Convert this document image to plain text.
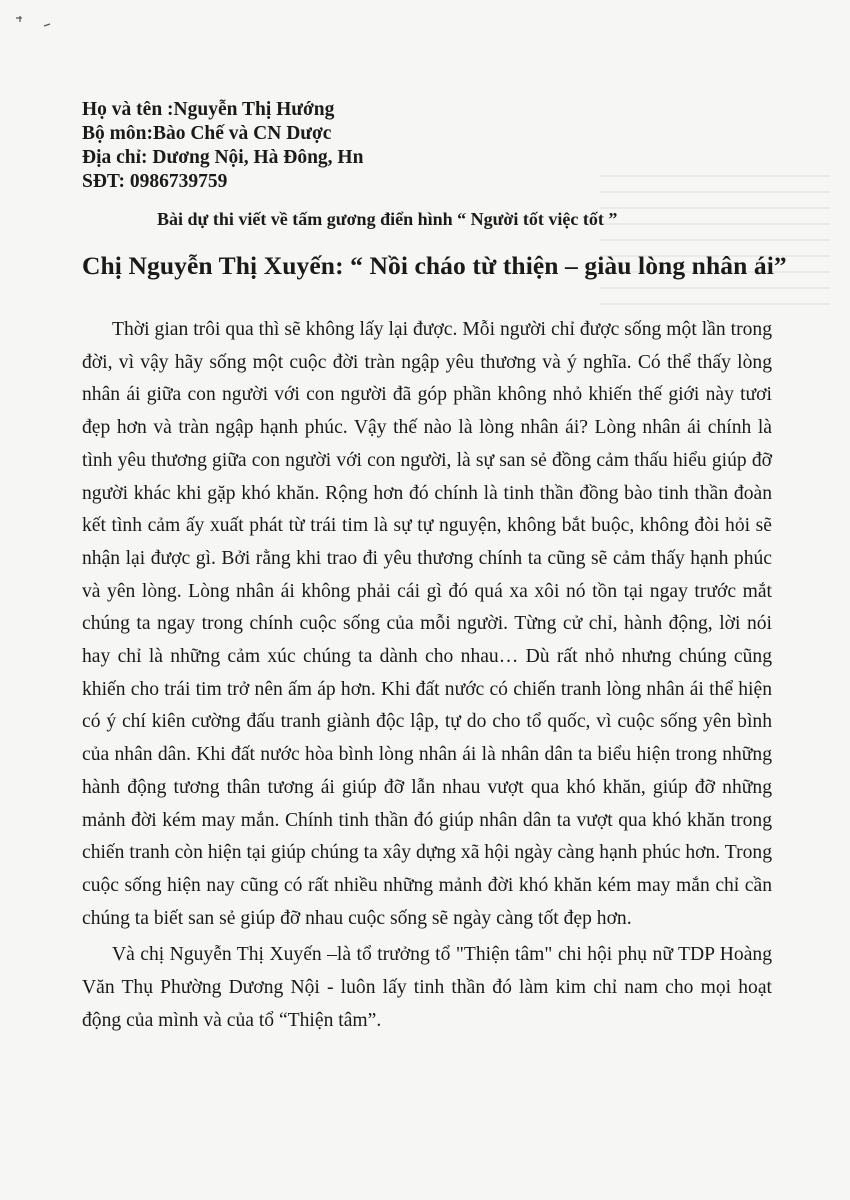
Họ và tên :Nguyễn Thị Hướng
Bộ môn:Bào Chế và CN Dược
Địa chỉ: Dương Nội, Hà Đông, Hn
SĐT: 0986739759
Bài dự thi viết về tấm gương điển hình “ Người tốt việc tốt ”
Chị Nguyễn Thị Xuyến: “ Nồi cháo từ thiện – giàu lòng nhân ái”

Thời gian trôi qua thì sẽ không lấy lại được. Mỗi người chỉ được sống một lần trong đời, vì vậy hãy sống một cuộc đời tràn ngập yêu thương và ý nghĩa. Có thể thấy lòng nhân ái giữa con người với con người đã góp phần không nhỏ khiến thế giới này tươi đẹp hơn và tràn ngập hạnh phúc. Vậy thế nào là lòng nhân ái? Lòng nhân ái chính là tình yêu thương giữa con người với con người, là sự san sẻ đồng cảm thấu hiểu giúp đỡ người khác khi gặp khó khăn. Rộng hơn đó chính là tinh thần đồng bào tinh thần đoàn kết tình cảm ấy xuất phát từ trái tim là sự tự nguyện, không bắt buộc, không đòi hỏi sẽ nhận lại được gì. Bởi rằng khi trao đi yêu thương chính ta cũng sẽ cảm thấy hạnh phúc và yên lòng. Lòng nhân ái không phải cái gì đó quá xa xôi nó tồn tại ngay trước mắt chúng ta ngay trong chính cuộc sống của mỗi người. Từng cử chỉ, hành động, lời nói hay chỉ là những cảm xúc chúng ta dành cho nhau… Dù rất nhỏ nhưng chúng cũng khiến cho trái tim trở nên ấm áp hơn. Khi đất nước có chiến tranh lòng nhân ái thể hiện có ý chí kiên cường đấu tranh giành độc lập, tự do cho tổ quốc, vì cuộc sống yên bình của nhân dân. Khi đất nước hòa bình lòng nhân ái là nhân dân ta biểu hiện trong những hành động tương thân tương ái giúp đỡ lẫn nhau vượt qua khó khăn, giúp đỡ những mảnh đời kém may mắn. Chính tinh thần đó giúp nhân dân ta vượt qua khó khăn trong chiến tranh còn hiện tại giúp chúng ta xây dựng xã hội ngày càng hạnh phúc hơn. Trong cuộc sống hiện nay cũng có rất nhiều những mảnh đời khó khăn kém may mắn chỉ cần chúng ta biết san sẻ giúp đỡ nhau cuộc sống sẽ ngày càng tốt đẹp hơn.

Và chị Nguyễn Thị Xuyến –là tổ trưởng tổ "Thiện tâm" chi hội phụ nữ TDP Hoàng Văn Thụ Phường Dương Nội - luôn lấy tinh thần đó làm kim chỉ nam cho mọi hoạt động của mình và của tổ “Thiện tâm”.
